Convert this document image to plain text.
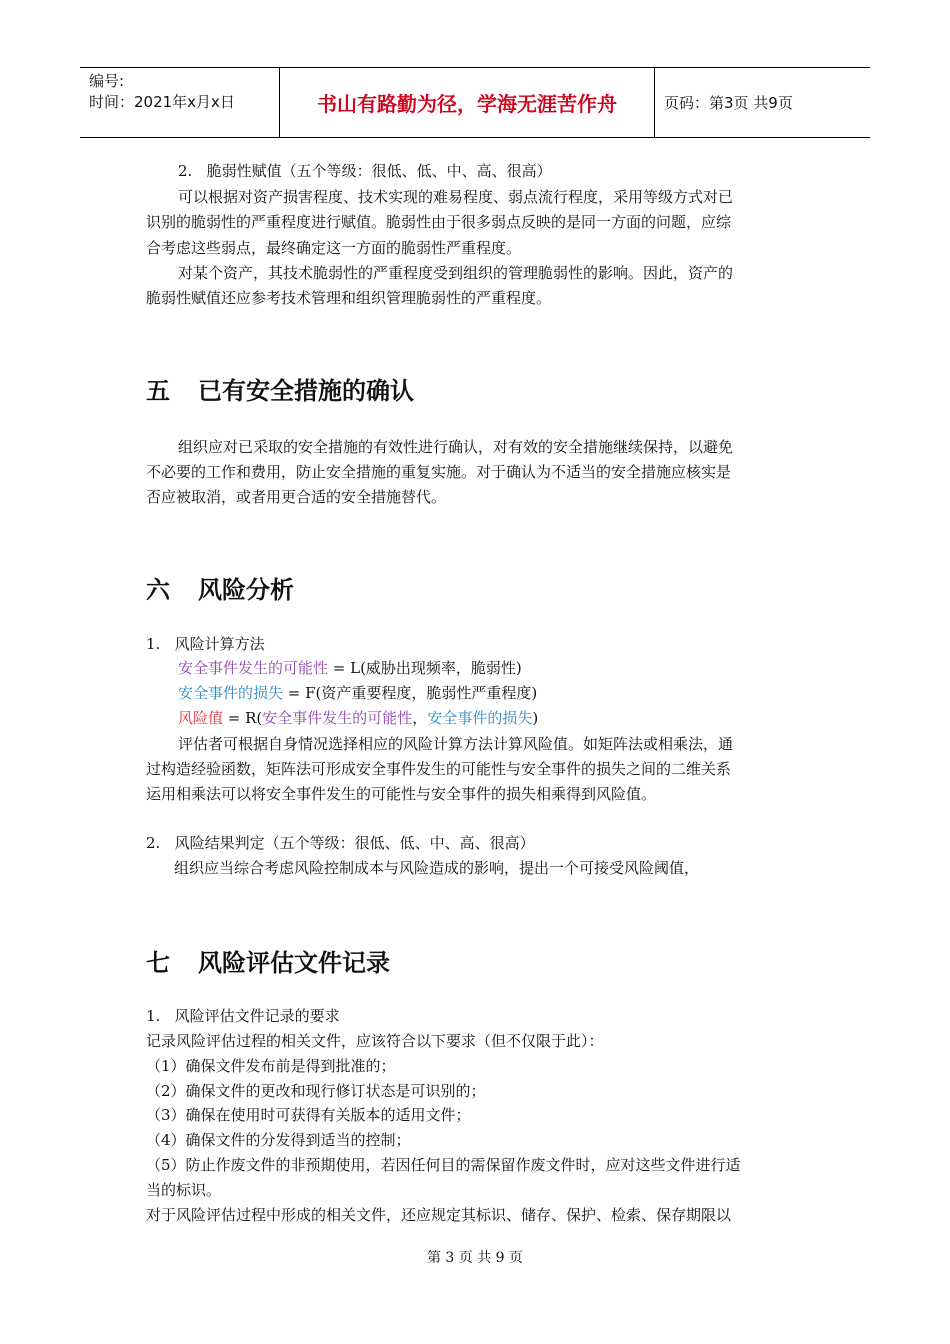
编号:
时间：2021年x月x日	书山有路勤为径，学海无涯苦作舟	页码：第3页 共9页
2.   脆弱性赋值（五个等级：很低、低、中、高、很高）
可以根据对资产损害程度、技术实现的难易程度、弱点流行程度，采用等级方式对已
识别的脆弱性的严重程度进行赋值。脆弱性由于很多弱点反映的是同一方面的问题，应综
合考虑这些弱点，最终确定这一方面的脆弱性严重程度。
对某个资产，其技术脆弱性的严重程度受到组织的管理脆弱性的影响。因此，资产的
脆弱性赋值还应参考技术管理和组织管理脆弱性的严重程度。
五 已有安全措施的确认
组织应对已采取的安全措施的有效性进行确认，对有效的安全措施继续保持，以避免
不必要的工作和费用，防止安全措施的重复实施。对于确认为不适当的安全措施应核实是
否应被取消，或者用更合适的安全措施替代。
六 风险分析
1.   风险计算方法
安全事件发生的可能性 = L(威胁出现频率，脆弱性)
安全事件的损失 = F(资产重要程度，脆弱性严重程度)
风险值 = R(安全事件发生的可能性，安全事件的损失)
评估者可根据自身情况选择相应的风险计算方法计算风险值。如矩阵法或相乘法，通
过构造经验函数，矩阵法可形成安全事件发生的可能性与安全事件的损失之间的二维关系
运用相乘法可以将安全事件发生的可能性与安全事件的损失相乘得到风险值。
2.   风险结果判定（五个等级：很低、低、中、高、很高）
组织应当综合考虑风险控制成本与风险造成的影响，提出一个可接受风险阈值，
七 风险评估文件记录
1.   风险评估文件记录的要求
记录风险评估过程的相关文件，应该符合以下要求（但不仅限于此）：
（1）确保文件发布前是得到批准的；
（2）确保文件的更改和现行修订状态是可识别的；
（3）确保在使用时可获得有关版本的适用文件；
（4）确保文件的分发得到适当的控制；
（5）防止作废文件的非预期使用，若因任何目的需保留作废文件时，应对这些文件进行适
当的标识。
对于风险评估过程中形成的相关文件，还应规定其标识、储存、保护、检索、保存期限以
第 3 页 共 9 页
